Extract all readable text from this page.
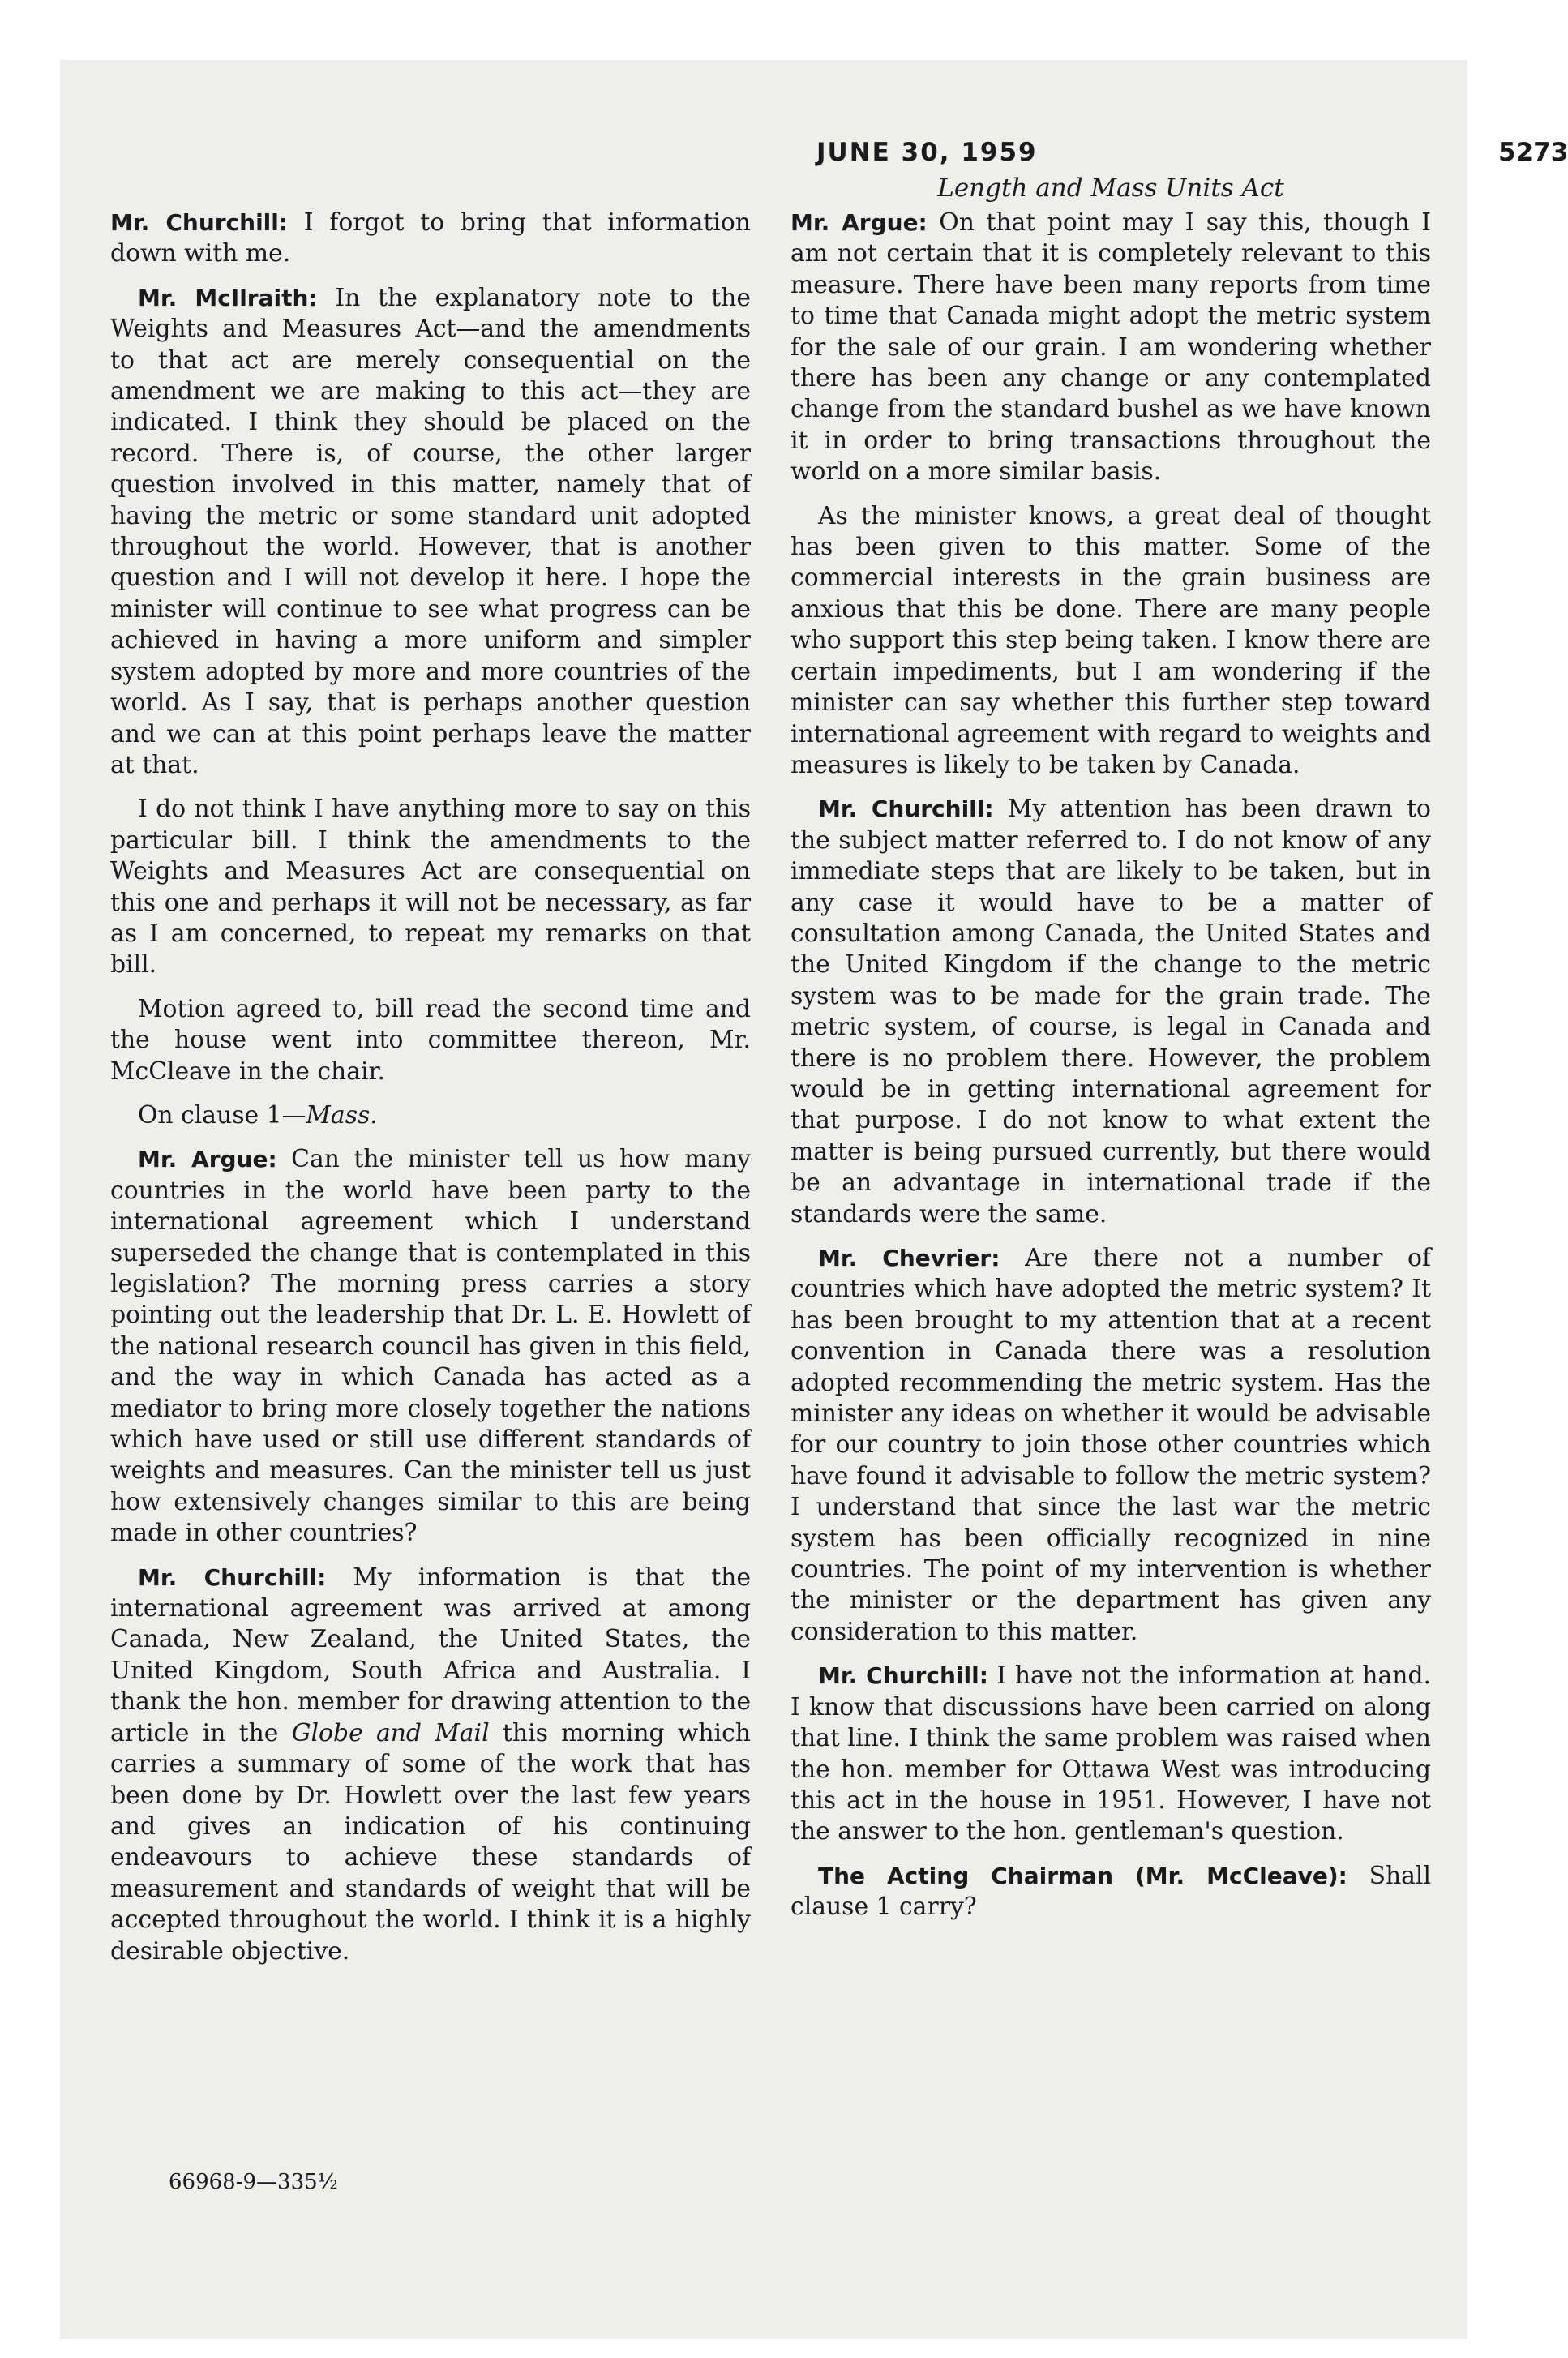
JUNE 30, 1959	5273
Length and Mass Units Act

Mr. Churchill: I forgot to bring that information down with me.

Mr. McIlraith: In the explanatory note to the Weights and Measures Act—and the amendments to that act are merely consequential on the amendment we are making to this act—they are indicated. I think they should be placed on the record. There is, of course, the other larger question involved in this matter, namely that of having the metric or some standard unit adopted throughout the world. However, that is another question and I will not develop it here. I hope the minister will continue to see what progress can be achieved in having a more uniform and simpler system adopted by more and more countries of the world. As I say, that is perhaps another question and we can at this point perhaps leave the matter at that.

I do not think I have anything more to say on this particular bill. I think the amendments to the Weights and Measures Act are consequential on this one and perhaps it will not be necessary, as far as I am concerned, to repeat my remarks on that bill.

Motion agreed to, bill read the second time and the house went into committee thereon, Mr. McCleave in the chair.

On clause 1—Mass.

Mr. Argue: Can the minister tell us how many countries in the world have been party to the international agreement which I understand superseded the change that is contemplated in this legislation? The morning press carries a story pointing out the leadership that Dr. L. E. Howlett of the national research council has given in this field, and the way in which Canada has acted as a mediator to bring more closely together the nations which have used or still use different standards of weights and measures. Can the minister tell us just how extensively changes similar to this are being made in other countries?

Mr. Churchill: My information is that the international agreement was arrived at among Canada, New Zealand, the United States, the United Kingdom, South Africa and Australia. I thank the hon. member for drawing attention to the article in the Globe and Mail this morning which carries a summary of some of the work that has been done by Dr. Howlett over the last few years and gives an indication of his continuing endeavours to achieve these standards of measurement and standards of weight that will be accepted throughout the world. I think it is a highly desirable objective.

66968-9—335½

Mr. Argue: On that point may I say this, though I am not certain that it is completely relevant to this measure. There have been many reports from time to time that Canada might adopt the metric system for the sale of our grain. I am wondering whether there has been any change or any contemplated change from the standard bushel as we have known it in order to bring transactions throughout the world on a more similar basis.

As the minister knows, a great deal of thought has been given to this matter. Some of the commercial interests in the grain business are anxious that this be done. There are many people who support this step being taken. I know there are certain impediments, but I am wondering if the minister can say whether this further step toward international agreement with regard to weights and measures is likely to be taken by Canada.

Mr. Churchill: My attention has been drawn to the subject matter referred to. I do not know of any immediate steps that are likely to be taken, but in any case it would have to be a matter of consultation among Canada, the United States and the United Kingdom if the change to the metric system was to be made for the grain trade. The metric system, of course, is legal in Canada and there is no problem there. However, the problem would be in getting international agreement for that purpose. I do not know to what extent the matter is being pursued currently, but there would be an advantage in international trade if the standards were the same.

Mr. Chevrier: Are there not a number of countries which have adopted the metric system? It has been brought to my attention that at a recent convention in Canada there was a resolution adopted recommending the metric system. Has the minister any ideas on whether it would be advisable for our country to join those other countries which have found it advisable to follow the metric system? I understand that since the last war the metric system has been officially recognized in nine countries. The point of my intervention is whether the minister or the department has given any consideration to this matter.

Mr. Churchill: I have not the information at hand. I know that discussions have been carried on along that line. I think the same problem was raised when the hon. member for Ottawa West was introducing this act in the house in 1951. However, I have not the answer to the hon. gentleman's question.

The Acting Chairman (Mr. McCleave): Shall clause 1 carry?
